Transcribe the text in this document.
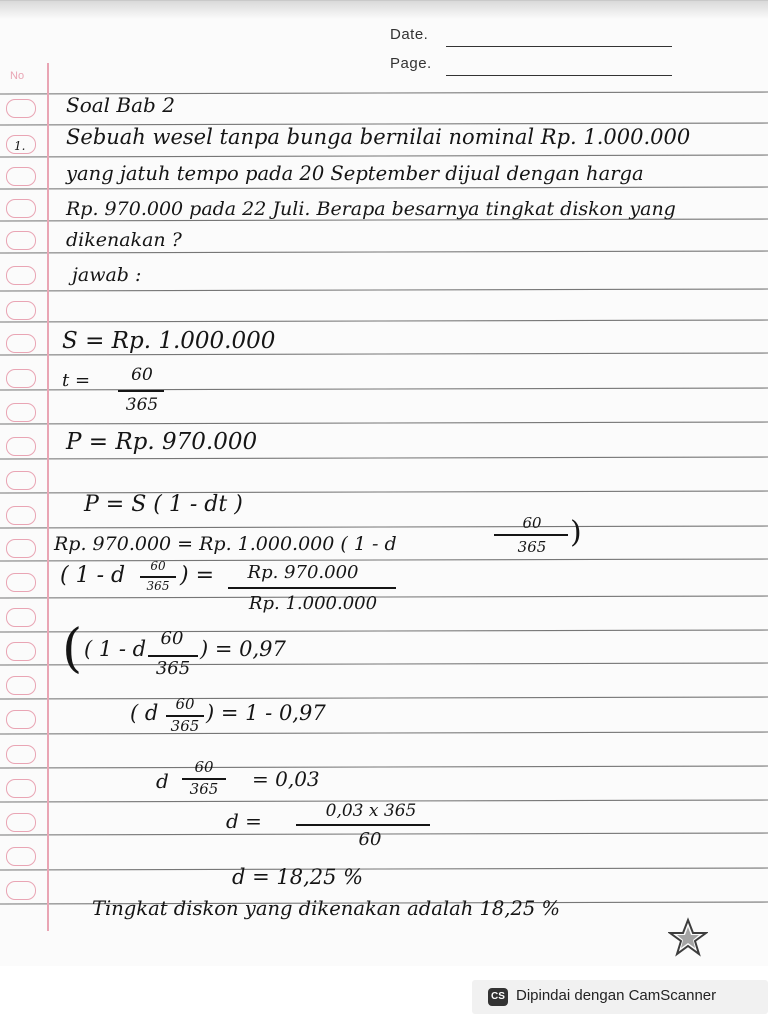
No
Date.
Page.
Soal Bab 2
1. Sebuah wesel tanpa bunga bernilai nominal Rp. 1.000.000
yang jatuh tempo pada 20 September dijual dengan harga
Rp. 970.000 pada 22 Juli. Berapa besarnya tingkat diskon yang
dikenakan ?
jawab :
S = Rp. 1.000.000
t =	60
365
P = Rp. 970.000
P = S ( 1 - dt )
Rp. 970.000 = Rp. 1.000.000 ( 1 - d
60
365 )
( 1 - d	60
365 ) =	Rp. 970.000
Rp. 1.000.000
( ( 1 - d 60
365
) = 0,97
( d	60
365
) = 1 - 0,97
d
60
365	= 0,03
d =	0,03 x 365
60
d = 18,25 %
Tingkat diskon yang dikenakan adalah 18,25 %
CS Dipindai dengan CamScanner
